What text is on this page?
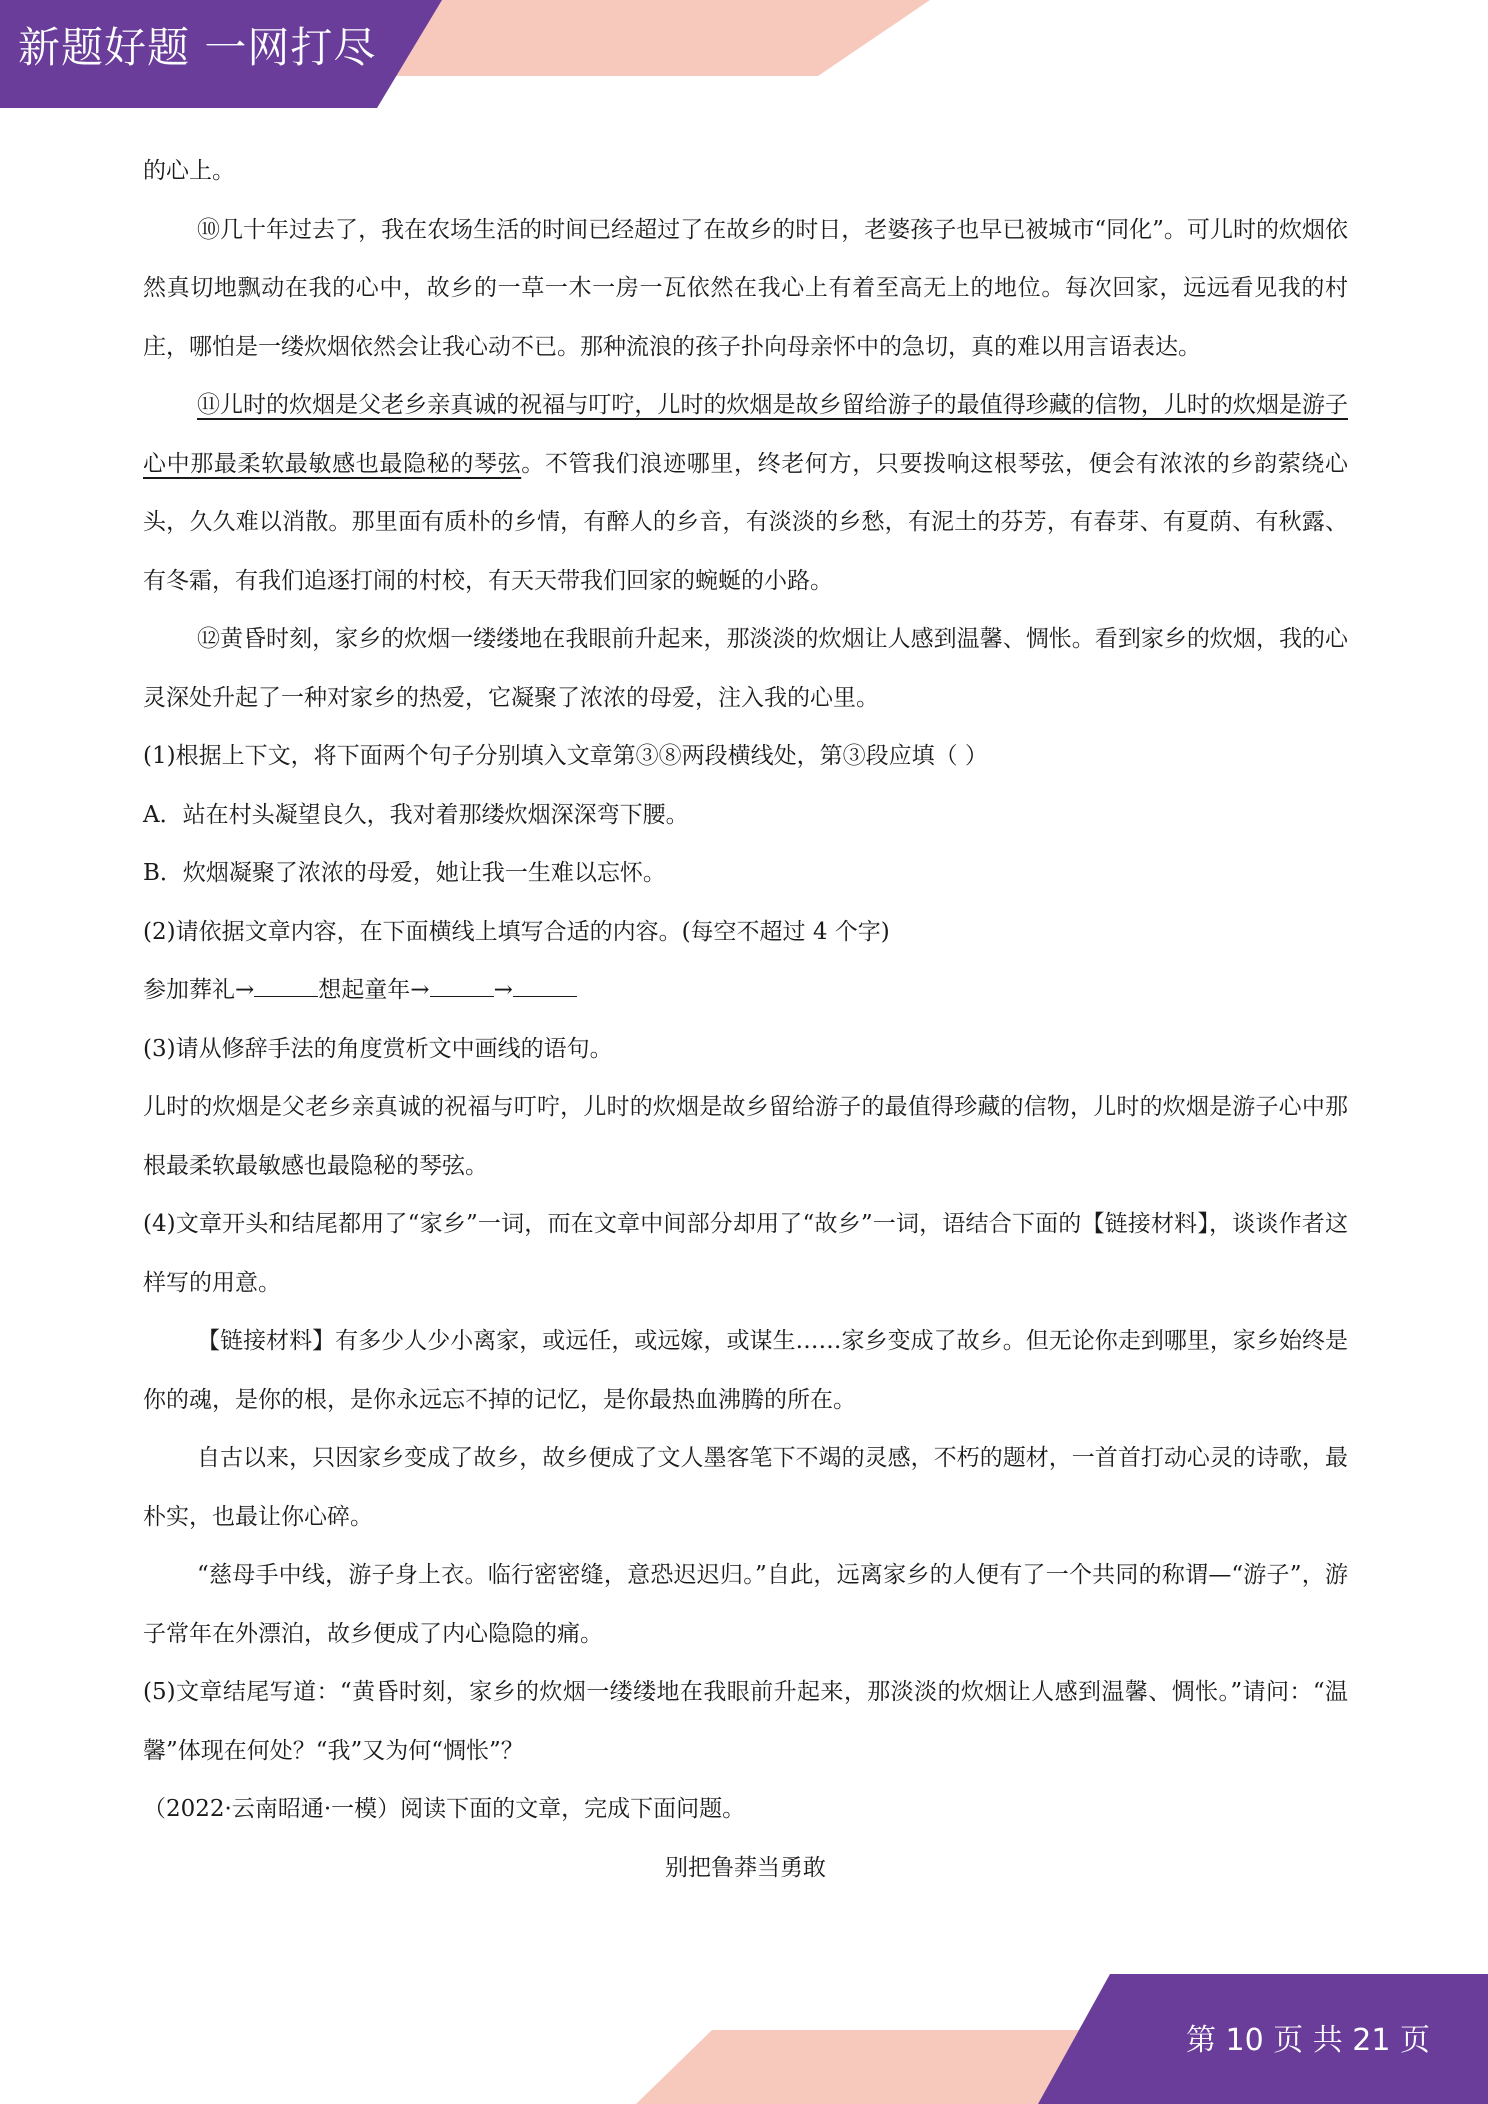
新题好题 一网打尽
第 10 页 共 21 页

的心上。

⑩几十年过去了，我在农场生活的时间已经超过了在故乡的时日，老婆孩子也早已被城市“同化”。可儿时的炊烟依然真切地飘动在我的心中，故乡的一草一木一房一瓦依然在我心上有着至高无上的地位。每次回家，远远看见我的村庄，哪怕是一缕炊烟依然会让我心动不已。那种流浪的孩子扑向母亲怀中的急切，真的难以用言语表达。

⑪儿时的炊烟是父老乡亲真诚的祝福与叮咛，儿时的炊烟是故乡留给游子的最值得珍藏的信物，儿时的炊烟是游子心中那最柔软最敏感也最隐秘的琴弦。不管我们浪迹哪里，终老何方，只要拨响这根琴弦，便会有浓浓的乡韵萦绕心头，久久难以消散。那里面有质朴的乡情，有醉人的乡音，有淡淡的乡愁，有泥土的芬芳，有春芽、有夏荫、有秋露、有冬霜，有我们追逐打闹的村校，有天天带我们回家的蜿蜒的小路。

⑫黄昏时刻，家乡的炊烟一缕缕地在我眼前升起来，那淡淡的炊烟让人感到温馨、惆怅。看到家乡的炊烟，我的心灵深处升起了一种对家乡的热爱，它凝聚了浓浓的母爱，注入我的心里。

(1)根据上下文，将下面两个句子分别填入文章第③⑧两段横线处，第③段应填（ ）

A．站在村头凝望良久，我对着那缕炊烟深深弯下腰。

B．炊烟凝聚了浓浓的母爱，她让我一生难以忘怀。

(2)请依据文章内容，在下面横线上填写合适的内容。(每空不超过 4 个字)

参加葬礼→	想起童年→	→

(3)请从修辞手法的角度赏析文中画线的语句。

儿时的炊烟是父老乡亲真诚的祝福与叮咛，儿时的炊烟是故乡留给游子的最值得珍藏的信物，儿时的炊烟是游子心中那根最柔软最敏感也最隐秘的琴弦。

(4)文章开头和结尾都用了“家乡”一词，而在文章中间部分却用了“故乡”一词，语结合下面的【链接材料】，谈谈作者这样写的用意。

【链接材料】有多少人少小离家，或远任，或远嫁，或谋生……家乡变成了故乡。但无论你走到哪里，家乡始终是你的魂，是你的根，是你永远忘不掉的记忆，是你最热血沸腾的所在。

自古以来，只因家乡变成了故乡，故乡便成了文人墨客笔下不竭的灵感，不朽的题材，一首首打动心灵的诗歌，最朴实，也最让你心碎。

“慈母手中线，游子身上衣。临行密密缝，意恐迟迟归。”自此，远离家乡的人便有了一个共同的称谓—“游子”，游子常年在外漂泊，故乡便成了内心隐隐的痛。

(5)文章结尾写道：“黄昏时刻，家乡的炊烟一缕缕地在我眼前升起来，那淡淡的炊烟让人感到温馨、惆怅。”请问：“温馨”体现在何处？“我”又为何“惆怅”？

（2022·云南昭通·一模）阅读下面的文章，完成下面问题。

别把鲁莽当勇敢
